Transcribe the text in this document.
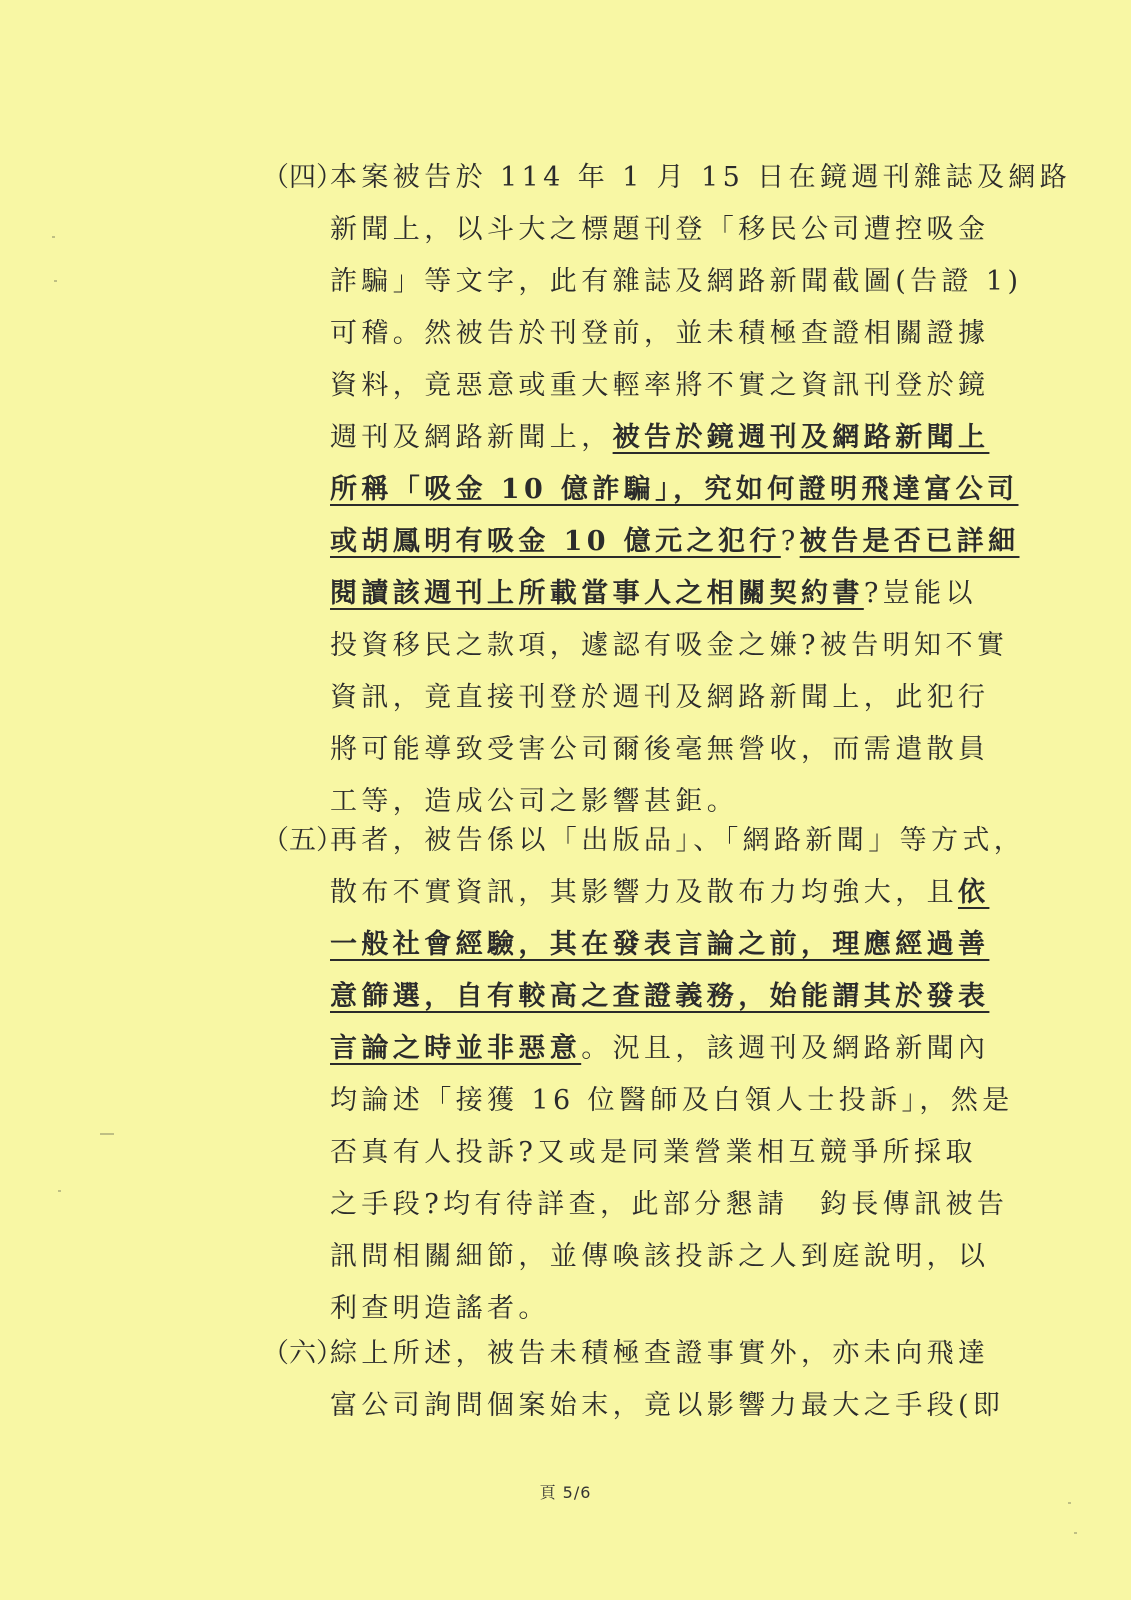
（四）
本案被告於 114 年 1 月 15 日在鏡週刊雜誌及網路
新聞上，以斗大之標題刊登「移民公司遭控吸金
詐騙」等文字，此有雜誌及網路新聞截圖(告證 1)
可稽。然被告於刊登前，並未積極查證相關證據
資料，竟惡意或重大輕率將不實之資訊刊登於鏡
週刊及網路新聞上，被告於鏡週刊及網路新聞上
所稱「吸金 10 億詐騙」，究如何證明飛達富公司
或胡鳳明有吸金 10 億元之犯行?被告是否已詳細
閱讀該週刊上所載當事人之相關契約書?豈能以
投資移民之款項，遽認有吸金之嫌?被告明知不實
資訊，竟直接刊登於週刊及網路新聞上，此犯行
將可能導致受害公司爾後毫無營收，而需遣散員
工等，造成公司之影響甚鉅。
（五）
再者，被告係以「出版品」、「網路新聞」等方式，
散布不實資訊，其影響力及散布力均強大，且依
一般社會經驗，其在發表言論之前，理應經過善
意篩選，自有較高之查證義務，始能謂其於發表
言論之時並非惡意。況且，該週刊及網路新聞內
均論述「接獲 16 位醫師及白領人士投訴」，然是
否真有人投訴?又或是同業營業相互競爭所採取
之手段?均有待詳查，此部分懇請　鈞長傳訊被告
訊問相關細節，並傳喚該投訴之人到庭說明，以
利查明造謠者。
（六）
綜上所述，被告未積極查證事實外，亦未向飛達
富公司詢問個案始末，竟以影響力最大之手段(即
頁 5/6
